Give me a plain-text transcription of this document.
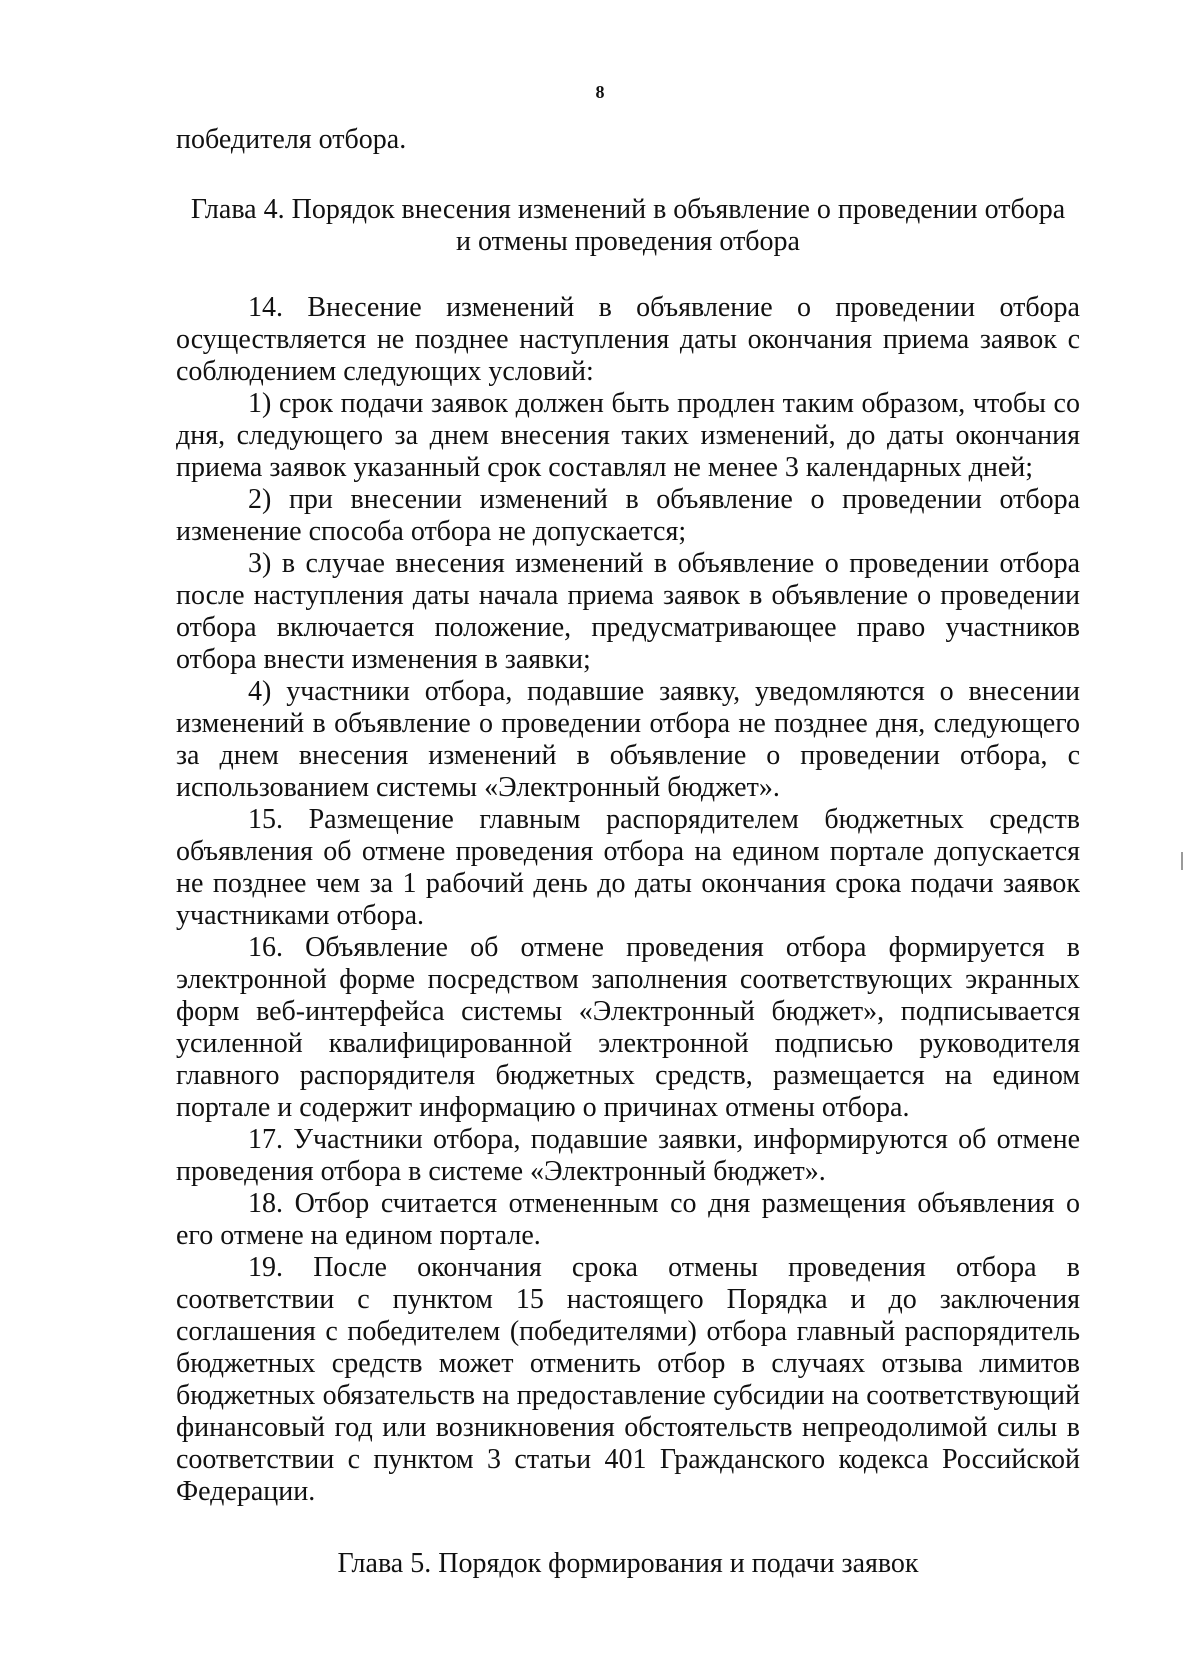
8

победителя отбора.

Глава 4. Порядок внесения изменений в объявление о проведении отбора
и отмены проведения отбора

14. Внесение изменений в объявление о проведении отбора осуществляется не позднее наступления даты окончания приема заявок с соблюдением следующих условий:

1) срок подачи заявок должен быть продлен таким образом, чтобы со дня, следующего за днем внесения таких изменений, до даты окончания приема заявок указанный срок составлял не менее 3 календарных дней;

2) при внесении изменений в объявление о проведении отбора изменение способа отбора не допускается;

3) в случае внесения изменений в объявление о проведении отбора после наступления даты начала приема заявок в объявление о проведении отбора включается положение, предусматривающее право участников отбора внести изменения в заявки;

4) участники отбора, подавшие заявку, уведомляются о внесении изменений в объявление о проведении отбора не позднее дня, следующего за днем внесения изменений в объявление о проведении отбора, с использованием системы «Электронный бюджет».

15. Размещение главным распорядителем бюджетных средств объявления об отмене проведения отбора на едином портале допускается не позднее чем за 1 рабочий день до даты окончания срока подачи заявок участниками отбора.

16. Объявление об отмене проведения отбора формируется в электронной форме посредством заполнения соответствующих экранных форм веб-интерфейса системы «Электронный бюджет», подписывается усиленной квалифицированной электронной подписью руководителя главного распорядителя бюджетных средств, размещается на едином портале и содержит информацию о причинах отмены отбора.

17. Участники отбора, подавшие заявки, информируются об отмене проведения отбора в системе «Электронный бюджет».

18. Отбор считается отмененным со дня размещения объявления о его отмене на едином портале.

19. После окончания срока отмены проведения отбора в соответствии с пунктом 15 настоящего Порядка и до заключения соглашения с победителем (победителями) отбора главный распорядитель бюджетных средств может отменить отбор в случаях отзыва лимитов бюджетных обязательств на предоставление субсидии на соответствующий финансовый год или возникновения обстоятельств непреодолимой силы в соответствии с пунктом 3 статьи 401 Гражданского кодекса Российской Федерации.

Глава 5. Порядок формирования и подачи заявок
